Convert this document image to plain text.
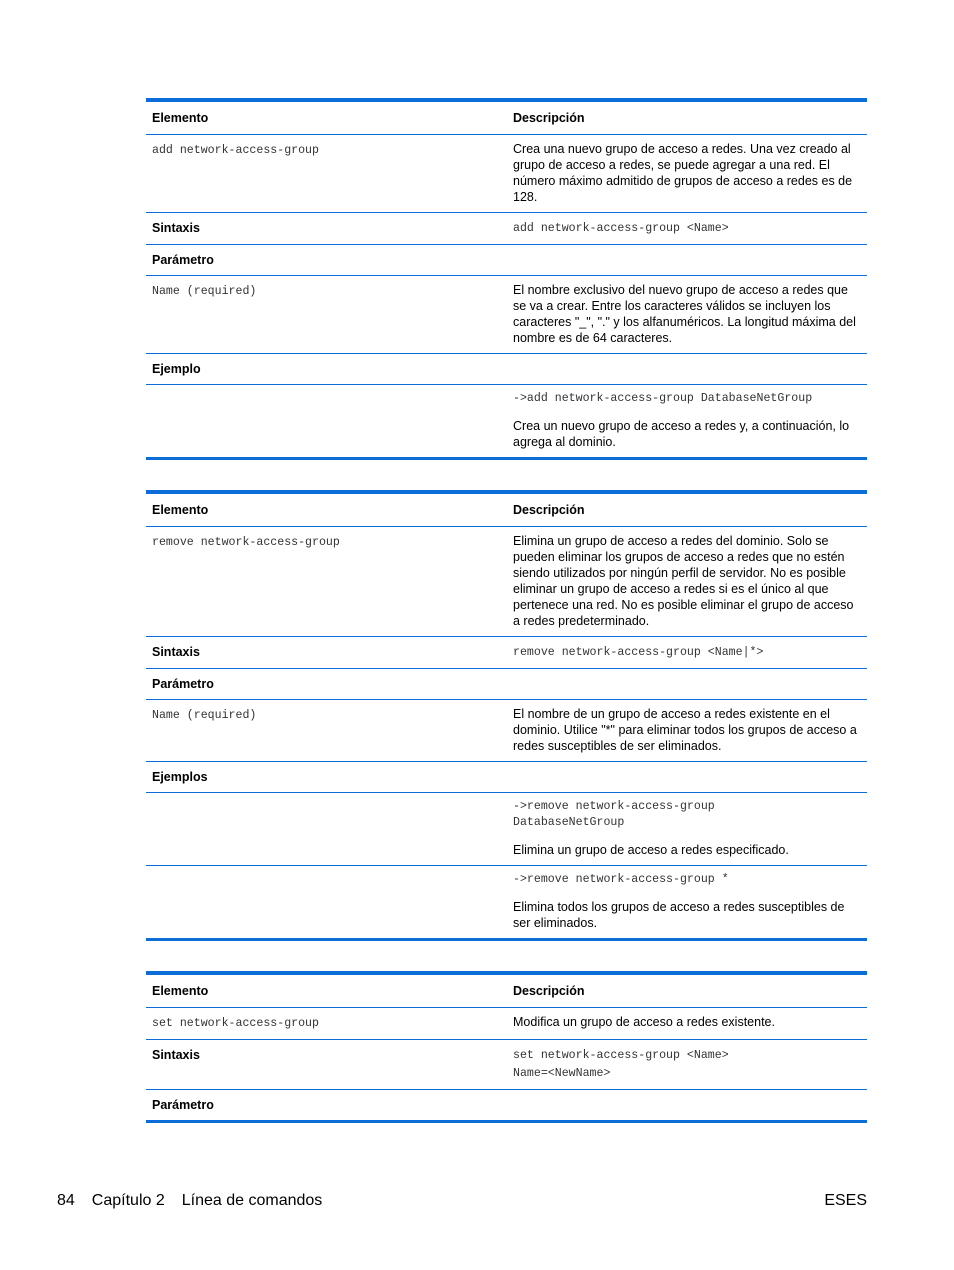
Elemento	Descripción
add network-access-group	Crea una nuevo grupo de acceso a redes. Una vez creado al grupo de acceso a redes, se puede agregar a una red. El número máximo admitido de grupos de acceso a redes es de 128.
Sintaxis	add network-access-group <Name>
Parámetro	
Name (required)	El nombre exclusivo del nuevo grupo de acceso a redes que se va a crear. Entre los caracteres válidos se incluyen los caracteres "_", "." y los alfanuméricos. La longitud máxima del nombre es de 64 caracteres.
Ejemplo	

	->add network-access-group DatabaseNetGroup
Crea un nuevo grupo de acceso a redes y, a continuación, lo agrega al dominio.
Elemento	Descripción
remove network-access-group	Elimina un grupo de acceso a redes del dominio. Solo se pueden eliminar los grupos de acceso a redes que no estén siendo utilizados por ningún perfil de servidor. No es posible eliminar un grupo de acceso a redes si es el único al que pertenece una red. No es posible eliminar el grupo de acceso a redes predeterminado.
Sintaxis	remove network-access-group <Name|*>
Parámetro	
Name (required)	El nombre de un grupo de acceso a redes existente en el dominio. Utilice "*" para eliminar todos los grupos de acceso a redes susceptibles de ser eliminados.
Ejemplos	

	->remove network-access-group
DatabaseNetGroup
Elimina un grupo de acceso a redes especificado.

	->remove network-access-group *
Elimina todos los grupos de acceso a redes susceptibles de ser eliminados.
Elemento	Descripción
set network-access-group	Modifica un grupo de acceso a redes existente.
Sintaxis	set network-access-group <Name>
Name=<NewName>
Parámetro	
84 Capítulo 2 Línea de comandos	ESES
